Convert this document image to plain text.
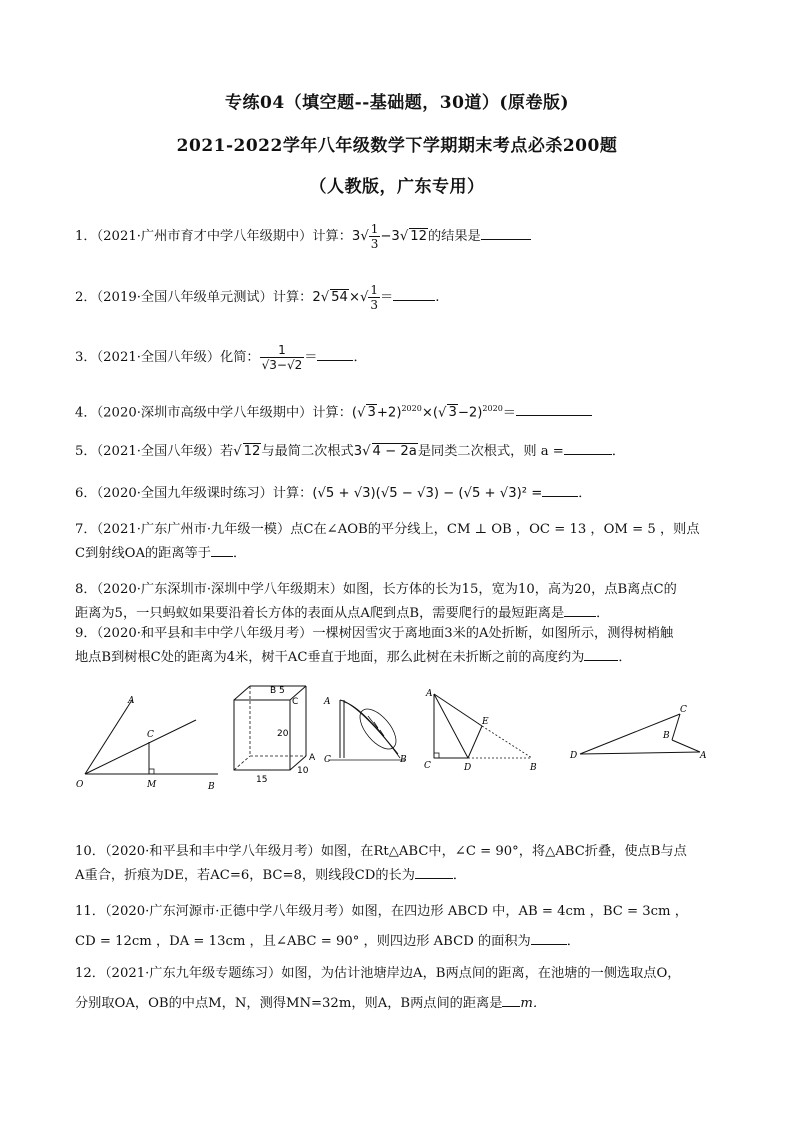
专练04（填空题--基础题，30道）(原卷版)
2021-2022学年八年级数学下学期期末考点必杀200题
（人教版，广东专用）
1．（2021·广州市育才中学八年级期中）计算：$3√ \frac{1}{3} -3√$ 12的结果是
2．（2019·全国八年级单元测试）计算：2√ $54\times√ \frac{1}{3}$ ＝	.
3．（2021·全国八年级）化简： $\frac{1}{√3-√2}$ ＝	．
4．（2020·深圳市高级中学八年级期中）计算：(√ 3+2)$^{2020}$×(√ 3−2)$^{2020}$＝
5．（2021·全国八年级）若√ 12与最简二次根式3√ 4 − 2a是同类二次根式，则 a =	．
6．（2020·全国九年级课时练习）计算：(√5 + √3)(√5 − √3) − (√5 + √3)² =	．
7．（2021·广东广州市·九年级一模）点C在∠AOB的平分线上，CM ⊥ OB ，OC = 13 ，OM = 5 ，则点
C到射线OA的距离等于 ．
8．（2020·广东深圳市·深圳中学八年级期末）如图，长方体的长为15，宽为10，高为20，点B离点C的
距离为5，一只蚂蚁如果要沿着长方体的表面从点A爬到点B，需要爬行的最短距离是 ．
9．（2020·和平县和丰中学八年级月考）一棵树因雪灾于离地面3米的A处折断，如图所示，测得树梢触
地点B到树根C处的距离为4米，树干AC垂直于地面，那么此树在未折断之前的高度约为	．
A
C
O	M	B
B 5
C
20
A
10
15
A
C	B
A
E
C	D	B
C
B
D	A
10．（2020·和平县和丰中学八年级月考）如图，在Rt△ABC中，∠C = 90°，将△ABC折叠，使点B与点
A重合，折痕为DE，若AC=6，BC=8，则线段CD的长为	．
11．（2020·广东河源市·正德中学八年级月考）如图，在四边形 ABCD 中，AB = 4cm ，BC = 3cm ，
CD = 12cm ，DA = 13cm ，且∠ABC = 90° ，则四边形 ABCD 的面积为	．
12．（2021·广东九年级专题练习）如图，为估计池塘岸边A，B两点间的距离，在池塘的一侧选取点O，
分别取OA，OB的中点M，N，测得MN=32m，则A，B两点间的距离是 m．
